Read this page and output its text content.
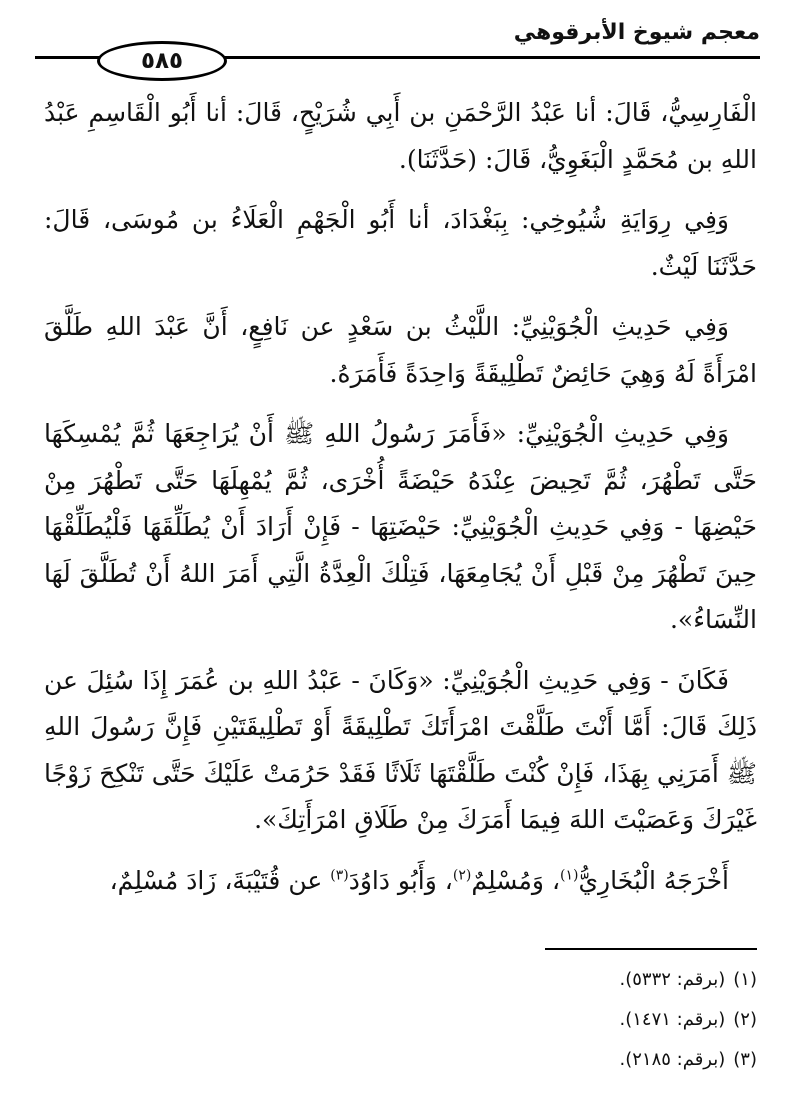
معجم شيوخ الأبرقوهي
٥٨٥

الْفَارِسِيُّ، قَالَ: أنا عَبْدُ الرَّحْمَنِ بن أَبِي شُرَيْحٍ، قَالَ: أنا أَبُو الْقَاسِمِ عَبْدُ اللهِ بن مُحَمَّدٍ الْبَغَوِيُّ، قَالَ: (حَدَّثَنَا).

وَفِي رِوَايَةِ شُيُوخِي: بِبَغْدَادَ، أنا أَبُو الْجَهْمِ الْعَلَاءُ بن مُوسَى، قَالَ: حَدَّثَنَا لَيْثٌ.

وَفِي حَدِيثِ الْجُوَيْنِيِّ: اللَّيْثُ بن سَعْدٍ عن نَافِعٍ، أَنَّ عَبْدَ اللهِ طَلَّقَ امْرَأَةً لَهُ وَهِيَ حَائِضٌ تَطْلِيقَةً وَاحِدَةً فَأَمَرَهُ.

وَفِي حَدِيثِ الْجُوَيْنِيِّ: «فَأَمَرَ رَسُولُ اللهِ ﷺ أَنْ يُرَاجِعَهَا ثُمَّ يُمْسِكَهَا حَتَّى تَطْهُرَ، ثُمَّ تَحِيضَ عِنْدَهُ حَيْضَةً أُخْرَى، ثُمَّ يُمْهِلَهَا حَتَّى تَطْهُرَ مِنْ حَيْضِهَا - وَفِي حَدِيثِ الْجُوَيْنِيِّ: حَيْضَتِهَا - فَإِنْ أَرَادَ أَنْ يُطَلِّقَهَا فَلْيُطَلِّقْهَا حِينَ تَطْهُرَ مِنْ قَبْلِ أَنْ يُجَامِعَهَا، فَتِلْكَ الْعِدَّةُ الَّتِي أَمَرَ اللهُ أَنْ تُطَلَّقَ لَهَا النِّسَاءُ».

فَكَانَ - وَفِي حَدِيثِ الْجُوَيْنِيِّ: «وَكَانَ - عَبْدُ اللهِ بن عُمَرَ إِذَا سُئِلَ عن ذَلِكَ قَالَ: أَمَّا أَنْتَ طَلَّقْتَ امْرَأَتَكَ تَطْلِيقَةً أَوْ تَطْلِيقَتَيْنِ فَإِنَّ رَسُولَ اللهِ ﷺ أَمَرَنِي بِهَذَا، فَإِنْ كُنْتَ طَلَّقْتَهَا ثَلَاثًا فَقَدْ حَرُمَتْ عَلَيْكَ حَتَّى تَنْكِحَ زَوْجًا غَيْرَكَ وَعَصَيْتَ اللهَ فِيمَا أَمَرَكَ مِنْ طَلَاقِ امْرَأَتِكَ».

أَخْرَجَهُ الْبُخَارِيُّ$^{(١)}$، وَمُسْلِمٌ$^{(٢)}$، وَأَبُو دَاوُدَ$^{(٣)}$ عن قُتَيْبَةَ، زَادَ مُسْلِمٌ،

(١)(برقم: ٥٣٣٢).
(٢)(برقم: ١٤٧١).
(٣)(برقم: ٢١٨٥).
